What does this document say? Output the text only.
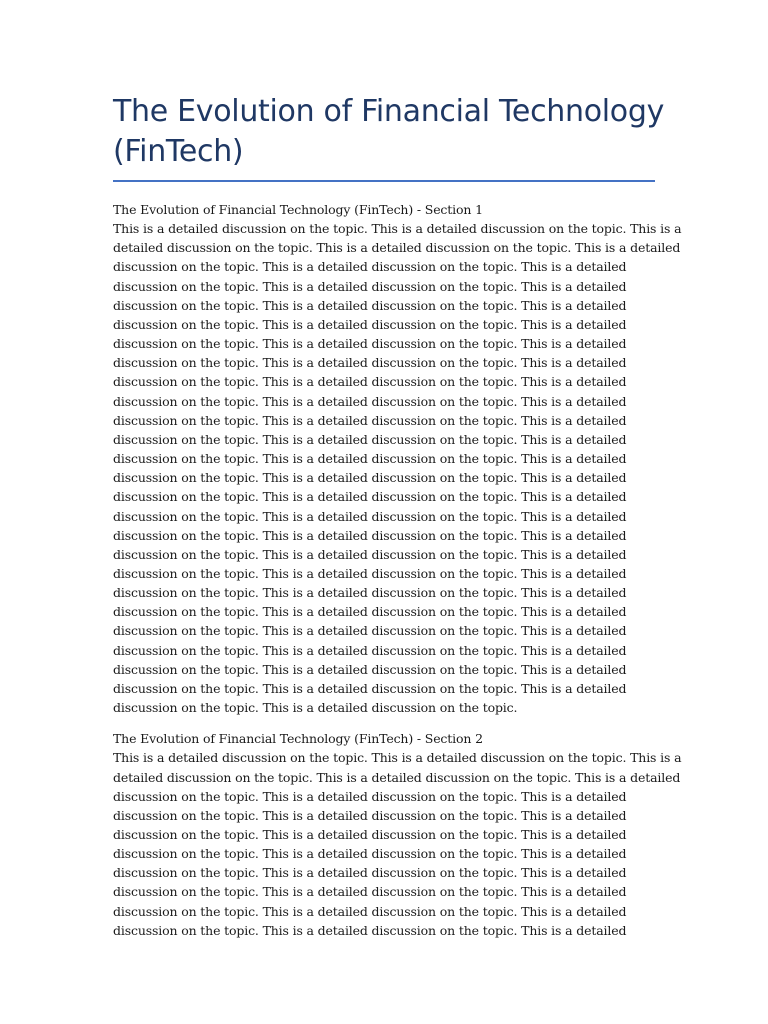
The Evolution of Financial Technology
(FinTech)
The Evolution of Financial Technology (FinTech) - Section 1
This is a detailed discussion on the topic. This is a detailed discussion on the topic. This is a
detailed discussion on the topic. This is a detailed discussion on the topic. This is a detailed
discussion on the topic. This is a detailed discussion on the topic. This is a detailed
discussion on the topic. This is a detailed discussion on the topic. This is a detailed
discussion on the topic. This is a detailed discussion on the topic. This is a detailed
discussion on the topic. This is a detailed discussion on the topic. This is a detailed
discussion on the topic. This is a detailed discussion on the topic. This is a detailed
discussion on the topic. This is a detailed discussion on the topic. This is a detailed
discussion on the topic. This is a detailed discussion on the topic. This is a detailed
discussion on the topic. This is a detailed discussion on the topic. This is a detailed
discussion on the topic. This is a detailed discussion on the topic. This is a detailed
discussion on the topic. This is a detailed discussion on the topic. This is a detailed
discussion on the topic. This is a detailed discussion on the topic. This is a detailed
discussion on the topic. This is a detailed discussion on the topic. This is a detailed
discussion on the topic. This is a detailed discussion on the topic. This is a detailed
discussion on the topic. This is a detailed discussion on the topic. This is a detailed
discussion on the topic. This is a detailed discussion on the topic. This is a detailed
discussion on the topic. This is a detailed discussion on the topic. This is a detailed
discussion on the topic. This is a detailed discussion on the topic. This is a detailed
discussion on the topic. This is a detailed discussion on the topic. This is a detailed
discussion on the topic. This is a detailed discussion on the topic. This is a detailed
discussion on the topic. This is a detailed discussion on the topic. This is a detailed
discussion on the topic. This is a detailed discussion on the topic. This is a detailed
discussion on the topic. This is a detailed discussion on the topic. This is a detailed
discussion on the topic. This is a detailed discussion on the topic. This is a detailed
discussion on the topic. This is a detailed discussion on the topic.
The Evolution of Financial Technology (FinTech) - Section 2
This is a detailed discussion on the topic. This is a detailed discussion on the topic. This is a
detailed discussion on the topic. This is a detailed discussion on the topic. This is a detailed
discussion on the topic. This is a detailed discussion on the topic. This is a detailed
discussion on the topic. This is a detailed discussion on the topic. This is a detailed
discussion on the topic. This is a detailed discussion on the topic. This is a detailed
discussion on the topic. This is a detailed discussion on the topic. This is a detailed
discussion on the topic. This is a detailed discussion on the topic. This is a detailed
discussion on the topic. This is a detailed discussion on the topic. This is a detailed
discussion on the topic. This is a detailed discussion on the topic. This is a detailed
discussion on the topic. This is a detailed discussion on the topic. This is a detailed
